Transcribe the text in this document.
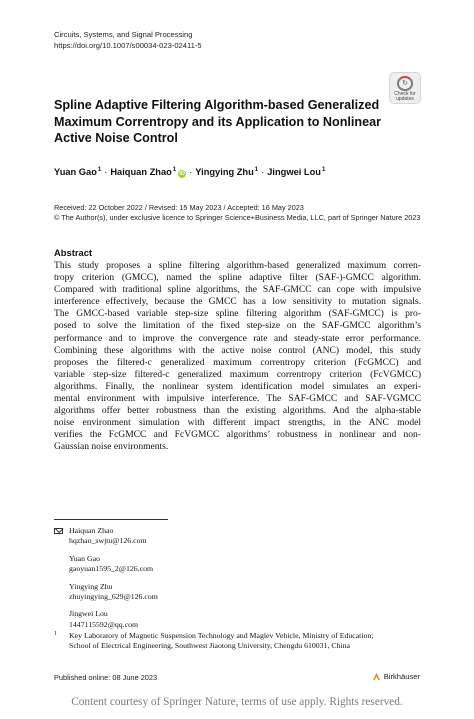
Circuits, Systems, and Signal Processing
https://doi.org/10.1007/s00034-023-02411-5
↻
Check for
updates
Spline Adaptive Filtering Algorithm-based Generalized Maximum Correntropy and its Application to Nonlinear Active Noise Control
Yuan Gao$^1$ · Haiquan Zhao$^1$iD · Yingying Zhu$^1$ · Jingwei Lou$^1$
Received: 22 October 2022 / Revised: 15 May 2023 / Accepted: 16 May 2023
© The Author(s), under exclusive licence to Springer Science+Business Media, LLC, part of Springer Nature 2023
Abstract
This study proposes a spline filtering algorithm-based generalized maximum corren-
tropy criterion (GMCC), named the spline adaptive filter (SAF-)-GMCC algorithm.
Compared with traditional spline algorithms, the SAF-GMCC can cope with impulsive
interference effectively, because the GMCC has a low sensitivity to mutation signals.
The GMCC-based variable step-size spline filtering algorithm (SAF-GMCC) is pro-
posed to solve the limitation of the fixed step-size on the SAF-GMCC algorithm’s
performance and to improve the convergence rate and steady-state error performance.
Combining these algorithms with the active noise control (ANC) model, this study
proposes the filtered-c generalized maximum correntropy criterion (FcGMCC) and
variable step-size filtered-c generalized maximum correntropy criterion (FcVGMCC)
algorithms. Finally, the nonlinear system identification model simulates an experi-
mental environment with impulsive interference. The SAF-GMCC and SAF-VGMCC
algorithms offer better robustness than the existing algorithms. And the alpha-stable
noise environment simulation with different impact strengths, in the ANC model
verifies the FcGMCC and FcVGMCC algorithms’ robustness in nonlinear and non-
Gaussian noise environments.
Haiquan Zhao
hqzhao_swjtu@126.com
Yuan Gao
gaoyuan1595_2@126.com
Yingying Zhu
zhuyingying_629@126.com
Jingwei Lou
1447115592@qq.com
1 Key Laboratory of Magnetic Suspension Technology and Maglev Vehicle, Ministry of Education;
School of Electrical Engineering, Southwest Jiaotong University, Chengdu 610031, China
Published online: 08 June 2023	Birkhäuser
Content courtesy of Springer Nature, terms of use apply. Rights reserved.
